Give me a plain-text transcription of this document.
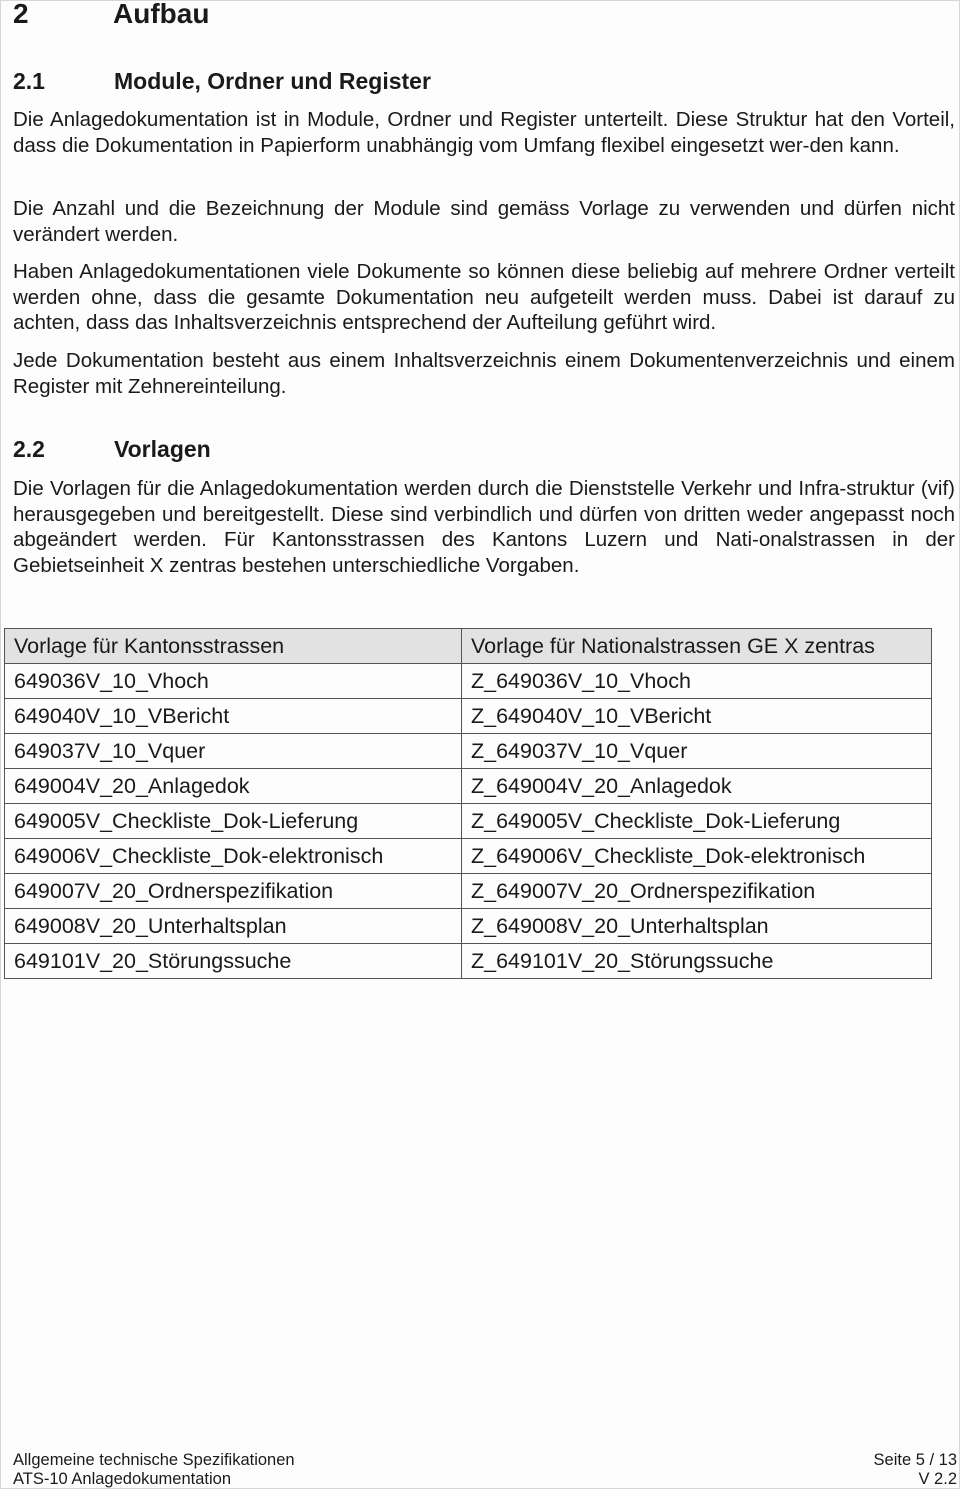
2	Aufbau
2.1	Module, Ordner und Register

Die Anlagedokumentation ist in Module, Ordner und Register unterteilt. Diese Struktur hat den Vorteil, dass die Dokumentation in Papierform unabhängig vom Umfang flexibel eingesetzt wer-den kann.

Die Anzahl und die Bezeichnung der Module sind gemäss Vorlage zu verwenden und dürfen nicht verändert werden.

Haben Anlagedokumentationen viele Dokumente so können diese beliebig auf mehrere Ordner verteilt werden ohne, dass die gesamte Dokumentation neu aufgeteilt werden muss. Dabei ist darauf zu achten, dass das Inhaltsverzeichnis entsprechend der Aufteilung geführt wird.

Jede Dokumentation besteht aus einem Inhaltsverzeichnis einem Dokumentenverzeichnis und einem Register mit Zehnereinteilung.

2.2	Vorlagen

Die Vorlagen für die Anlagedokumentation werden durch die Dienststelle Verkehr und Infra-struktur (vif) herausgegeben und bereitgestellt. Diese sind verbindlich und dürfen von dritten weder angepasst noch abgeändert werden. Für Kantonsstrassen des Kantons Luzern und Nati-onalstrassen in der Gebietseinheit X zentras bestehen unterschiedliche Vorgaben.

Vorlage für Kantonsstrassen	Vorlage für Nationalstrassen GE X zentras
649036V_10_Vhoch	Z_649036V_10_Vhoch
649040V_10_VBericht	Z_649040V_10_VBericht
649037V_10_Vquer	Z_649037V_10_Vquer
649004V_20_Anlagedok	Z_649004V_20_Anlagedok
649005V_Checkliste_Dok-Lieferung	Z_649005V_Checkliste_Dok-Lieferung
649006V_Checkliste_Dok-elektronisch	Z_649006V_Checkliste_Dok-elektronisch
649007V_20_Ordnerspezifikation	Z_649007V_20_Ordnerspezifikation
649008V_20_Unterhaltsplan	Z_649008V_20_Unterhaltsplan
649101V_20_Störungssuche	Z_649101V_20_Störungssuche
Allgemeine technische Spezifikationen
ATS-10 Anlagedokumentation
Seite 5 / 13
V 2.2
